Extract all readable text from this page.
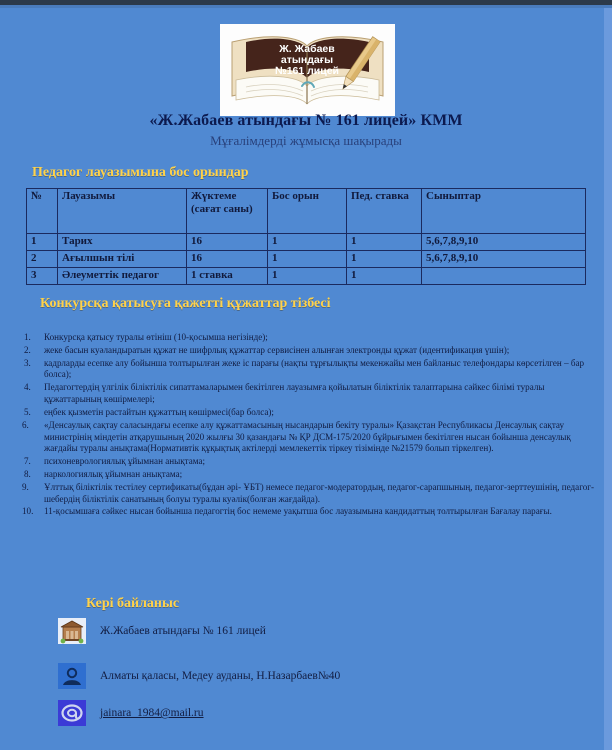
Ж. Жабаев
атындағы
№161 лицей
«Ж.Жабаев атындағы № 161 лицей» КММ
Мұғалімдерді жұмысқа шақырады
Педагог лауазымына бос орындар
№	Лауазымы	Жүктеме (сағат саны)	Бос орын	Пед. ставка	Сыныптар
1	Тарих	16	1	1	5,6,7,8,9,10
2	Ағылшын тілі	16	1	1	5,6,7,8,9,10
3	Әлеуметтік педагог	1 ставка	1	1	
Конкурсқа қатысуға қажетті құжаттар тізбесі
1.	Конкурсқа қатысу туралы өтініш (10-қосымша негізінде);
2.	жеке басын куәландыратын құжат не шифрлық құжаттар сервисінен алынған электронды құжат (идентификация үшін);
3.	кадрларды есепке алу бойынша толтырылған жеке іс парағы (нақты тұрғылықты мекенжайы мен байланыс телефондары көрсетілген – бар болса);
4.	Педагогтердің үлгілік біліктілік сипаттамаларымен бекітілген лауазымға қойылатын біліктілік талаптарына сәйкес білімі туралы құжаттарының көшірмелері;
5.	еңбек қызметін растайтын құжаттың көшірмесі(бар болса);
6.	«Денсаулық сақтау саласындағы есепке алу құжаттамасының нысандарын бекіту туралы» Қазақстан Республикасы Денсаулық сақтау министрінің міндетін атқарушының 2020 жылғы 30 қазандағы № ҚР ДСМ-175/2020 бұйрығымен бекітілген нысан бойынша денсаулық жағдайы туралы анықтама(Нормативтік құқықтық актілерді мемлекеттік тіркеу тізімінде №21579 болып тіркелген).
7.	психоневрологиялық ұйымнан анықтама;
8.	наркологиялық ұйымнан анықтама;
9.	Ұлттық біліктілік тестілеу сертификаты(бұдан әрі- ҰБТ) немесе педагог-модератордың, педагог-сарапшының, педагог-зерттеушінің, педагог-шебердің біліктілік санатының болуы туралы куәлік(болған жағдайда).
10.	11-қосымшаға сәйкес нысан бойынша педагогтің бос немеме уақытша бос лауазымына кандидаттың толтырылған Бағалау парағы.
Кері байланыс
Ж.Жабаев атындағы № 161 лицей
Алматы қаласы, Медеу ауданы, Н.Назарбаев№40
jainara_1984@mail.ru
